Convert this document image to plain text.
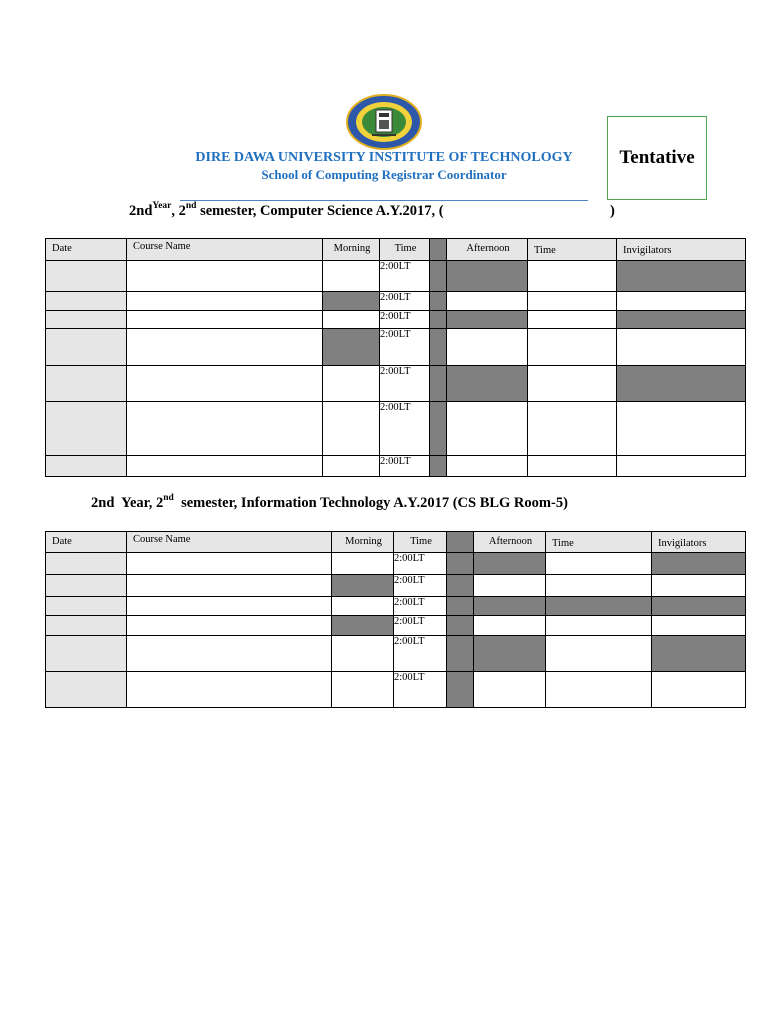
DIRE DAWA UNIVERSITY INSTITUTE OF TECHNOLOGY
School of Computing Registrar Coordinator
Tentative
$2nd^{Year}$, 2nd semester, Computer Science A.Y.2017, (	)
Date	Course Name	Morning	Time		Afternoon	Time	Invigilators
			2:00LT				
			2:00LT				
			2:00LT				
			2:00LT				
			2:00LT				
			2:00LT				
			2:00LT				
2nd  Year, 2nd  semester, Information Technology A.Y.2017 (CS BLG Room-5)
Date	Course Name	Morning	Time		Afternoon	Time	Invigilators
			2:00LT				
			2:00LT				
			2:00LT				
			2:00LT				
			2:00LT				
			2:00LT				
